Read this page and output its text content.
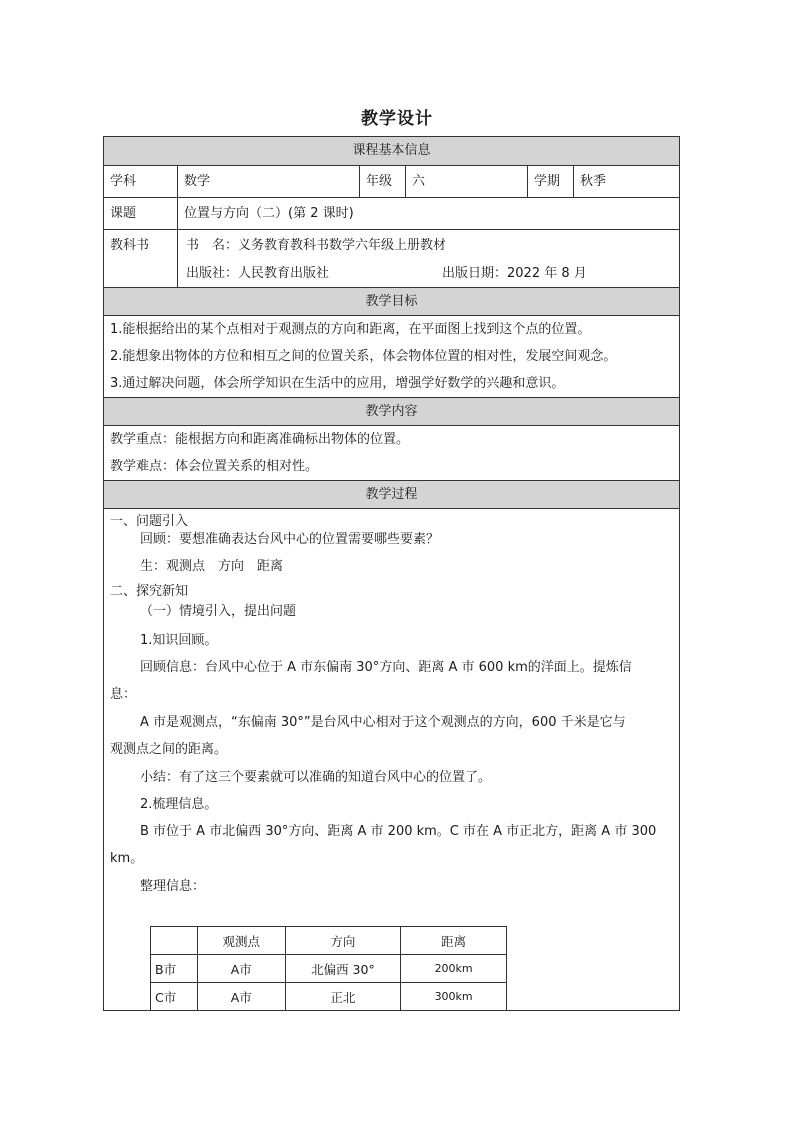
教学设计
课程基本信息
学科	数学	年级	六	学期	秋季
课题	位置与方向（二）(第 2 课时)
教科书	书　名：义务教育教科书数学六年级上册教材
出版社：人民教育出版社	出版日期：2022 年 8 月
教学目标
1.能根据给出的某个点相对于观测点的方向和距离，在平面图上找到这个点的位置。
2.能想象出物体的方位和相互之间的位置关系，体会物体位置的相对性，发展空间观念。
3.通过解决问题，体会所学知识在生活中的应用，增强学好数学的兴趣和意识。
教学内容
教学重点：能根据方向和距离准确标出物体的位置。
教学难点：体会位置关系的相对性。
教学过程
一、问题引入
回顾：要想准确表达台风中心的位置需要哪些要素？
生：观测点　方向　距离
二、探究新知
（一）情境引入，提出问题
1.知识回顾。
回顾信息：台风中心位于 A 市东偏南 30°方向、距离 A 市 600 km的洋面上。提炼信
息：
A 市是观测点，“东偏南 30°”是台风中心相对于这个观测点的方向，600 千米是它与
观测点之间的距离。
小结：有了这三个要素就可以准确的知道台风中心的位置了。
2.梳理信息。
B 市位于 A 市北偏西 30°方向、距离 A 市 200 km。C 市在 A 市正北方，距离 A 市 300
km。
整理信息：
	观测点	方向	距离
B市	A市	北偏西 30°	200km
C市	A市	正北	300km
